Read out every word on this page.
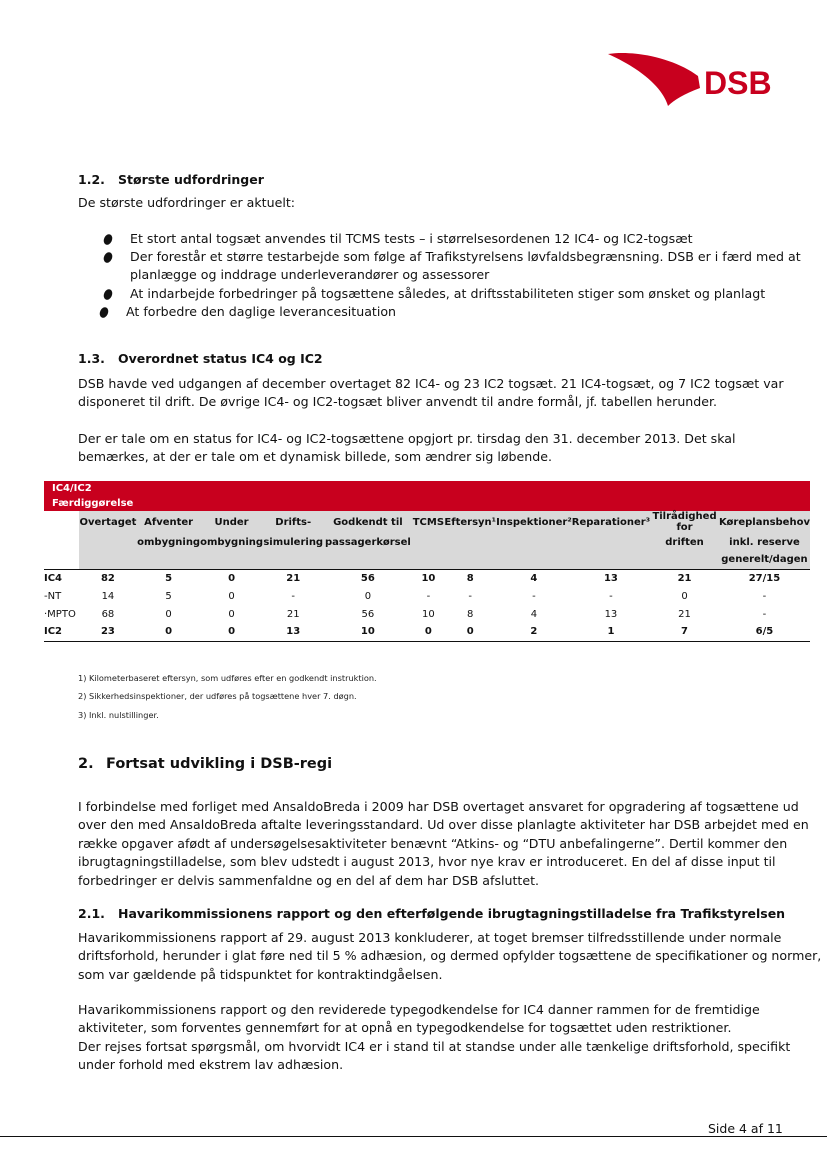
DSB
1.2. Største udfordringer
De største udfordringer er aktuelt:
Et stort antal togsæt anvendes til TCMS tests – i størrelsesordenen 12 IC4- og IC2-togsæt
Der forestår et større testarbejde som følge af Trafikstyrelsens løvfaldsbegrænsning. DSB er i færd med at
planlægge og inddrage underleverandører og assessorer
At indarbejde forbedringer på togsættene således, at driftsstabiliteten stiger som ønsket og planlagt
At forbedre den daglige leverancesituation
1.3. Overordnet status IC4 og IC2
DSB havde ved udgangen af december overtaget 82 IC4- og 23 IC2 togsæt. 21 IC4-togsæt, og 7 IC2 togsæt var
disponeret til drift. De øvrige IC4- og IC2-togsæt bliver anvendt til andre formål, jf. tabellen herunder.
Der er tale om en status for IC4- og IC2-togsættene opgjort pr. tirsdag den 31. december 2013. Det skal
bemærkes, at der er tale om et dynamisk billede, som ændrer sig løbende.
IC4/IC2											
Færdiggørelse											
	Overtaget	Afventer	Under	Drifts-	Godkendt til	TCMS	Eftersyn¹	Inspektioner²	Reparationer³	Tilrådighed for	Køreplansbehov
		ombygning	ombygning	simulering	passagerkørsel					driften	inkl. reserve
											generelt/dagen
IC4	82	5	0	21	56	10	8	4	13	21	27/15
-NT	14	5	0	-	0	-	-	-	-	0	-
·MPTO	68	0	0	21	56	10	8	4	13	21	-
IC2	23	0	0	13	10	0	0	2	1	7	6/5
1) Kilometerbaseret eftersyn, som udføres efter en godkendt instruktion.
2) Sikkerhedsinspektioner, der udføres på togsættene hver 7. døgn.
3) Inkl. nulstillinger.
2. Fortsat udvikling i DSB-regi
I forbindelse med forliget med AnsaldoBreda i 2009 har DSB overtaget ansvaret for opgradering af togsættene ud
over den med AnsaldoBreda aftalte leveringsstandard. Ud over disse planlagte aktiviteter har DSB arbejdet med en
række opgaver afødt af undersøgelsesaktiviteter benævnt “Atkins- og “DTU anbefalingerne”. Dertil kommer den
ibrugtagningstilladelse, som blev udstedt i august 2013, hvor nye krav er introduceret. En del af disse input til
forbedringer er delvis sammenfaldne og en del af dem har DSB afsluttet.
2.1. Havarikommissionens rapport og den efterfølgende ibrugtagningstilladelse fra Trafikstyrelsen
Havarikommissionens rapport af 29. august 2013 konkluderer, at toget bremser tilfredsstillende under normale
driftsforhold, herunder i glat føre ned til 5 % adhæsion, og dermed opfylder togsættene de specifikationer og normer,
som var gældende på tidspunktet for kontraktindgåelsen.
Havarikommissionens rapport og den reviderede typegodkendelse for IC4 danner rammen for de fremtidige
aktiviteter, som forventes gennemført for at opnå en typegodkendelse for togsættet uden restriktioner.
Der rejses fortsat spørgsmål, om hvorvidt IC4 er i stand til at standse under alle tænkelige driftsforhold, specifikt
under forhold med ekstrem lav adhæsion.
Side 4 af 11
